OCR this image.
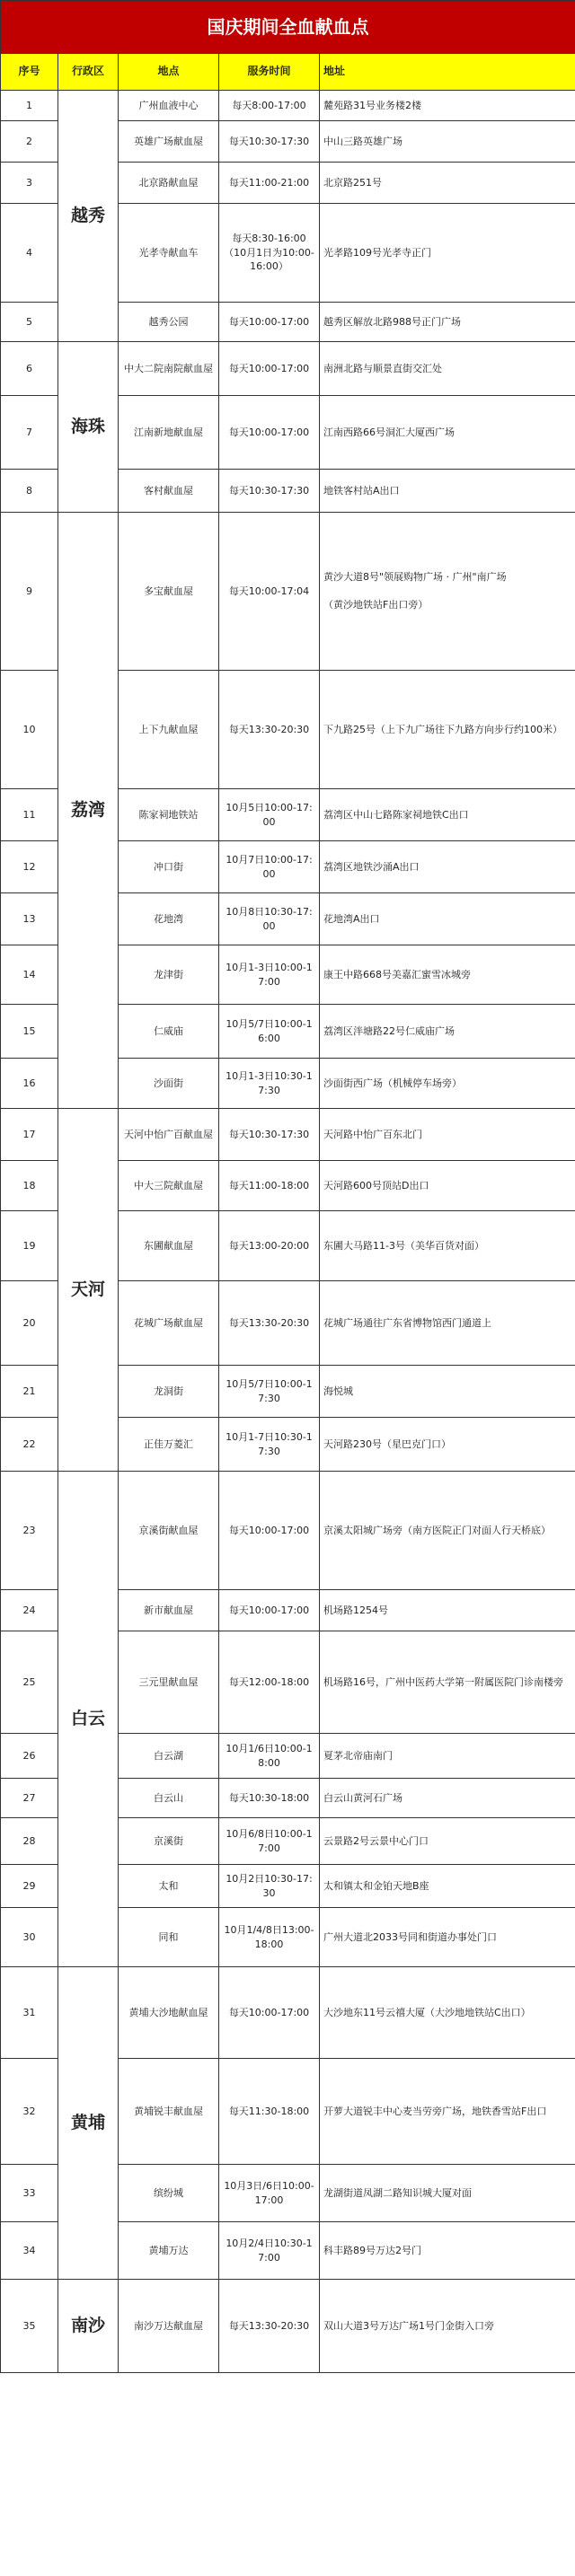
国庆期间全血献血点				
序号	行政区	地点	服务时间	地址
1	越秀	广州血液中心	每天8:00-17:00	麓苑路31号业务楼2楼
2		英雄广场献血屋	每天10:30-17:30	中山三路英雄广场
3		北京路献血屋	每天11:00-21:00	北京路251号
4		光孝寺献血车	每天8:30-16:00 （10月1日为10:00-16:00）	光孝路109号光孝寺正门
5		越秀公园	每天10:00-17:00	越秀区解放北路988号正门广场
6	海珠	中大二院南院献血屋	每天10:00-17:00	南洲北路与顺景直街交汇处
7		江南新地献血屋	每天10:00-17:00	江南西路66号洞汇大厦西广场
8		客村献血屋	每天10:30-17:30	地铁客村站A出口
9	荔湾	多宝献血屋	每天10:00-17:04	黄沙大道8号"领展购物广场 · 广州"南广场

（黄沙地铁站F出口旁）
10		上下九献血屋	每天13:30-20:30	下九路25号（上下九广场往下九路方向步行约100米）
11		陈家祠地铁站	10月5日10:00-17:00	荔湾区中山七路陈家祠地铁C出口
12		冲口街	10月7日10:00-17:00	荔湾区地铁沙涌A出口
13		花地湾	10月8日10:30-17:00	花地湾A出口
14		龙津街	10月1-3日10:00-17:00	康王中路668号美嘉汇蜜雪冰城旁
15		仁威庙	10月5/7日10:00-16:00	荔湾区泮塘路22号仁威庙广场
16		沙面街	10月1-3日10:30-17:30	沙面街西广场（机械停车场旁）
17	天河	天河中怡广百献血屋	每天10:30-17:30	天河路中怡广百东北门
18		中大三院献血屋	每天11:00-18:00	天河路600号顶站D出口
19		东圃献血屋	每天13:00-20:00	东圃大马路11-3号（美华百货对面）
20		花城广场献血屋	每天13:30-20:30	花城广场通往广东省博物馆西门通道上
21		龙洞街	10月5/7日10:00-17:30	海悦城
22		正佳万菱汇	10月1-7日10:30-17:30	天河路230号（星巴克门口）
23	白云	京溪街献血屋	每天10:00-17:00	京溪太阳城广场旁（南方医院正门对面人行天桥底）
24		新市献血屋	每天10:00-17:00	机场路1254号
25		三元里献血屋	每天12:00-18:00	机场路16号，广州中医药大学第一附属医院门诊南楼旁
26		白云湖	10月1/6日10:00-18:00	夏茅北帝庙南门
27		白云山	每天10:30-18:00	白云山黄河石广场
28		京溪街	10月6/8日10:00-17:00	云景路2号云景中心门口
29		太和	10月2日10:30-17:30	太和镇太和金铂天地B座
30		同和	10月1/4/8日13:00-18:00	广州大道北2033号同和街道办事处门口
31	黄埔	黄埔大沙地献血屋	每天10:00-17:00	大沙地东11号云禧大厦（大沙地地铁站C出口）
32		黄埔锐丰献血屋	每天11:30-18:00	开萝大道锐丰中心麦当劳旁广场，地铁香雪站F出口
33		缤纷城	10月3日/6日10:00-17:00	龙湖街道凤湖二路知识城大厦对面
34		黄埔万达	10月2/4日10:30-17:00	科丰路89号万达2号门
35	南沙	南沙万达献血屋	每天13:30-20:30	双山大道3号万达广场1号门金街入口旁
